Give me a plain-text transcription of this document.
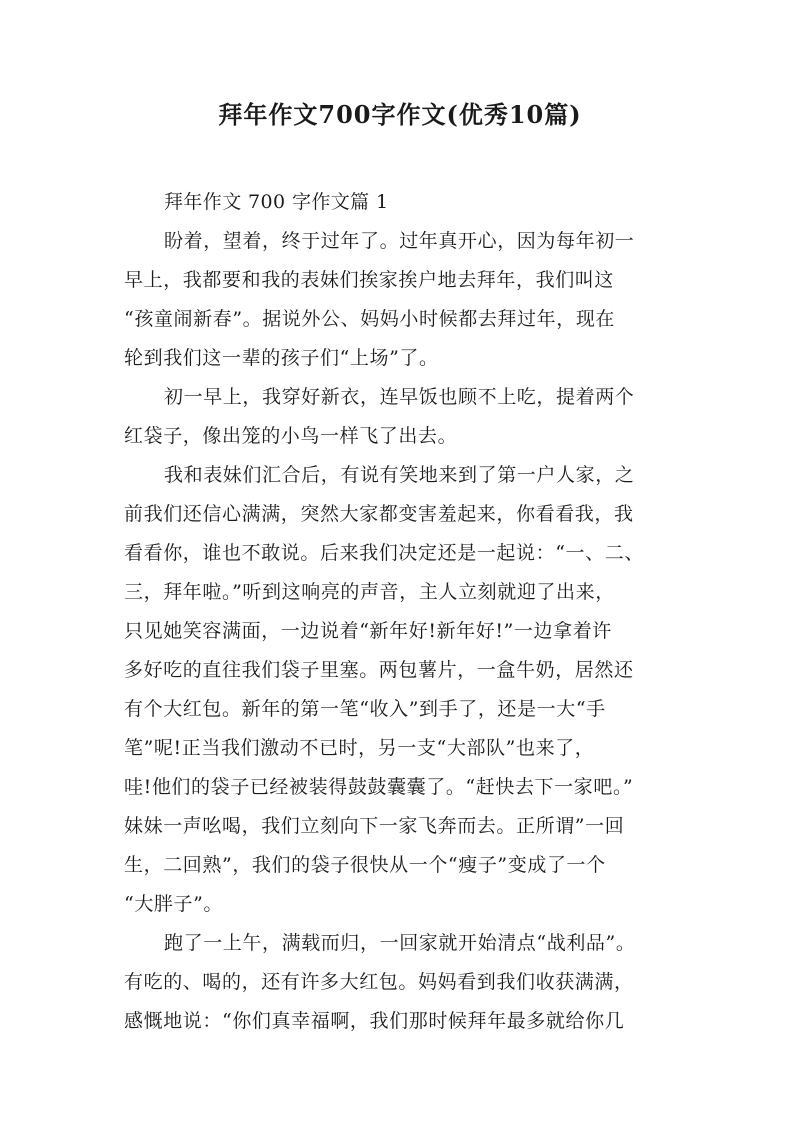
拜年作文700字作文(优秀10篇)
拜年作文 700 字作文篇 1
盼着，望着，终于过年了。过年真开心，因为每年初一
早上，我都要和我的表妹们挨家挨户地去拜年，我们叫这
“孩童闹新春”。据说外公、妈妈小时候都去拜过年，现在
轮到我们这一辈的孩子们“上场”了。
初一早上，我穿好新衣，连早饭也顾不上吃，提着两个
红袋子，像出笼的小鸟一样飞了出去。
我和表妹们汇合后，有说有笑地来到了第一户人家，之
前我们还信心满满，突然大家都变害羞起来，你看看我，我
看看你，谁也不敢说。后来我们决定还是一起说：“一、二、
三，拜年啦。”听到这响亮的声音，主人立刻就迎了出来，
只见她笑容满面，一边说着“新年好!新年好!”一边拿着许
多好吃的直往我们袋子里塞。两包薯片，一盒牛奶，居然还
有个大红包。新年的第一笔“收入”到手了，还是一大“手
笔”呢!正当我们激动不已时，另一支“大部队”也来了，
哇!他们的袋子已经被装得鼓鼓囊囊了。“赶快去下一家吧。”
妹妹一声吆喝，我们立刻向下一家飞奔而去。正所谓”一回
生，二回熟”，我们的袋子很快从一个“瘦子”变成了一个
“大胖子”。
跑了一上午，满载而归，一回家就开始清点“战利品”。
有吃的、喝的，还有许多大红包。妈妈看到我们收获满满，
感慨地说：“你们真幸福啊，我们那时候拜年最多就给你几
